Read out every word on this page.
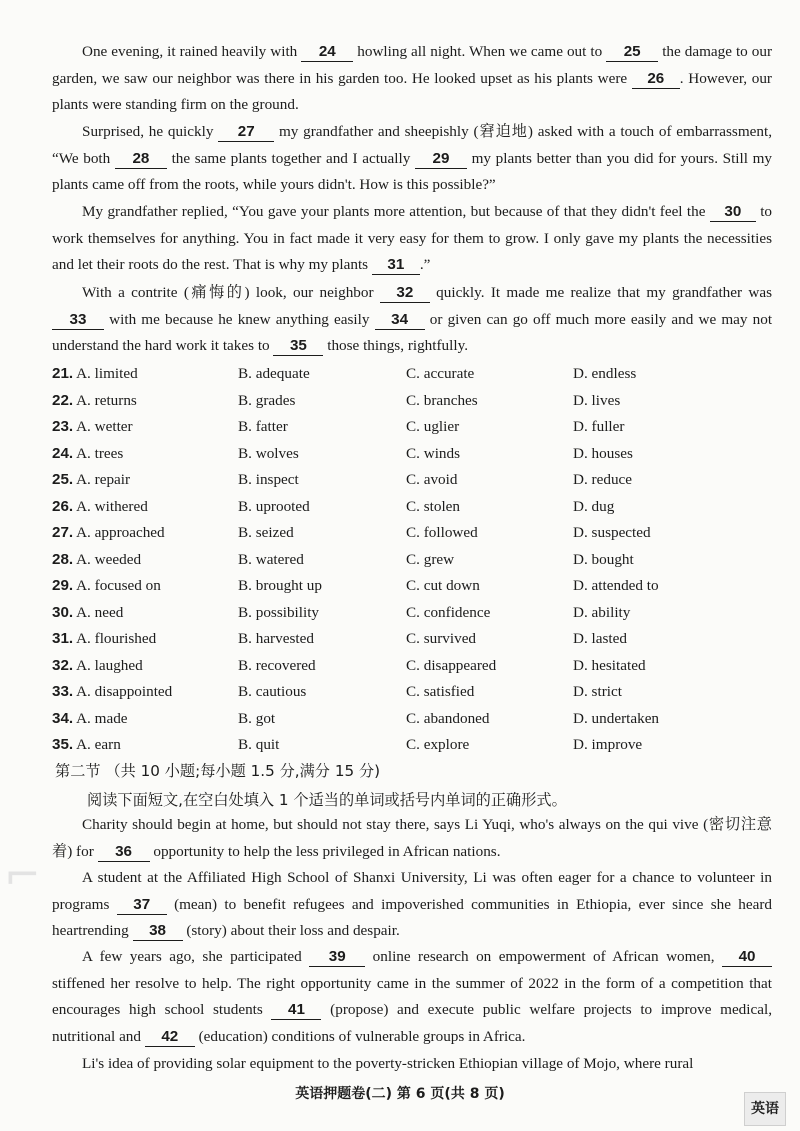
One evening, it rained heavily with 24 howling all night. When we came out to 25 the damage to our garden, we saw our neighbor was there in his garden too. He looked upset as his plants were 26 . However, our plants were standing firm on the ground.

Surprised, he quickly 27 my grandfather and sheepishly (窘迫地) asked with a touch of embarrassment, “We both 28 the same plants together and I actually 29 my plants better than you did for yours. Still my plants came off from the roots, while yours didn't. How is this possible?”

My grandfather replied, “You gave your plants more attention, but because of that they didn't feel the 30 to work themselves for anything. You in fact made it very easy for them to grow. I only gave my plants the necessities and let their roots do the rest. That is why my plants 31 .”

With a contrite (痛悔的) look, our neighbor 32 quickly. It made me realize that my grandfather was 33 with me because he knew anything easily 34 or given can go off much more easily and we may not understand the hard work it takes to 35 those things, rightfully.

21. A. limited	B. adequate	C. accurate	D. endless
22. A. returns	B. grades	C. branches	D. lives
23. A. wetter	B. fatter	C. uglier	D. fuller
24. A. trees	B. wolves	C. winds	D. houses
25. A. repair	B. inspect	C. avoid	D. reduce
26. A. withered	B. uprooted	C. stolen	D. dug
27. A. approached	B. seized	C. followed	D. suspected
28. A. weeded	B. watered	C. grew	D. bought
29. A. focused on	B. brought up	C. cut down	D. attended to
30. A. need	B. possibility	C. confidence	D. ability
31. A. flourished	B. harvested	C. survived	D. lasted
32. A. laughed	B. recovered	C. disappeared	D. hesitated
33. A. disappointed	B. cautious	C. satisfied	D. strict
34. A. made	B. got	C. abandoned	D. undertaken
35. A. earn	B. quit	C. explore	D. improve
第二节 （共 10 小题;每小题 1.5 分,满分 15 分)
阅读下面短文,在空白处填入 1 个适当的单词或括号内单词的正确形式。
⌐

Charity should begin at home, but should not stay there, says Li Yuqi, who's always on the qui vive (密切注意着) for 36 opportunity to help the less privileged in African nations.

A student at the Affiliated High School of Shanxi University, Li was often eager for a chance to volunteer in programs 37 (mean) to benefit refugees and impoverished communities in Ethiopia, ever since she heard heartrending 38 (story) about their loss and despair.

A few years ago, she participated 39 online research on empowerment of African women, 40 stiffened her resolve to help. The right opportunity came in the summer of 2022 in the form of a competition that encourages high school students 41 (propose) and execute public welfare projects to improve medical, nutritional and 42 (education) conditions of vulnerable groups in Africa.

Li's idea of providing solar equipment to the poverty-stricken Ethiopian village of Mojo, where rural

英语押题卷(二) 第 6 页(共 8 页)
英语
